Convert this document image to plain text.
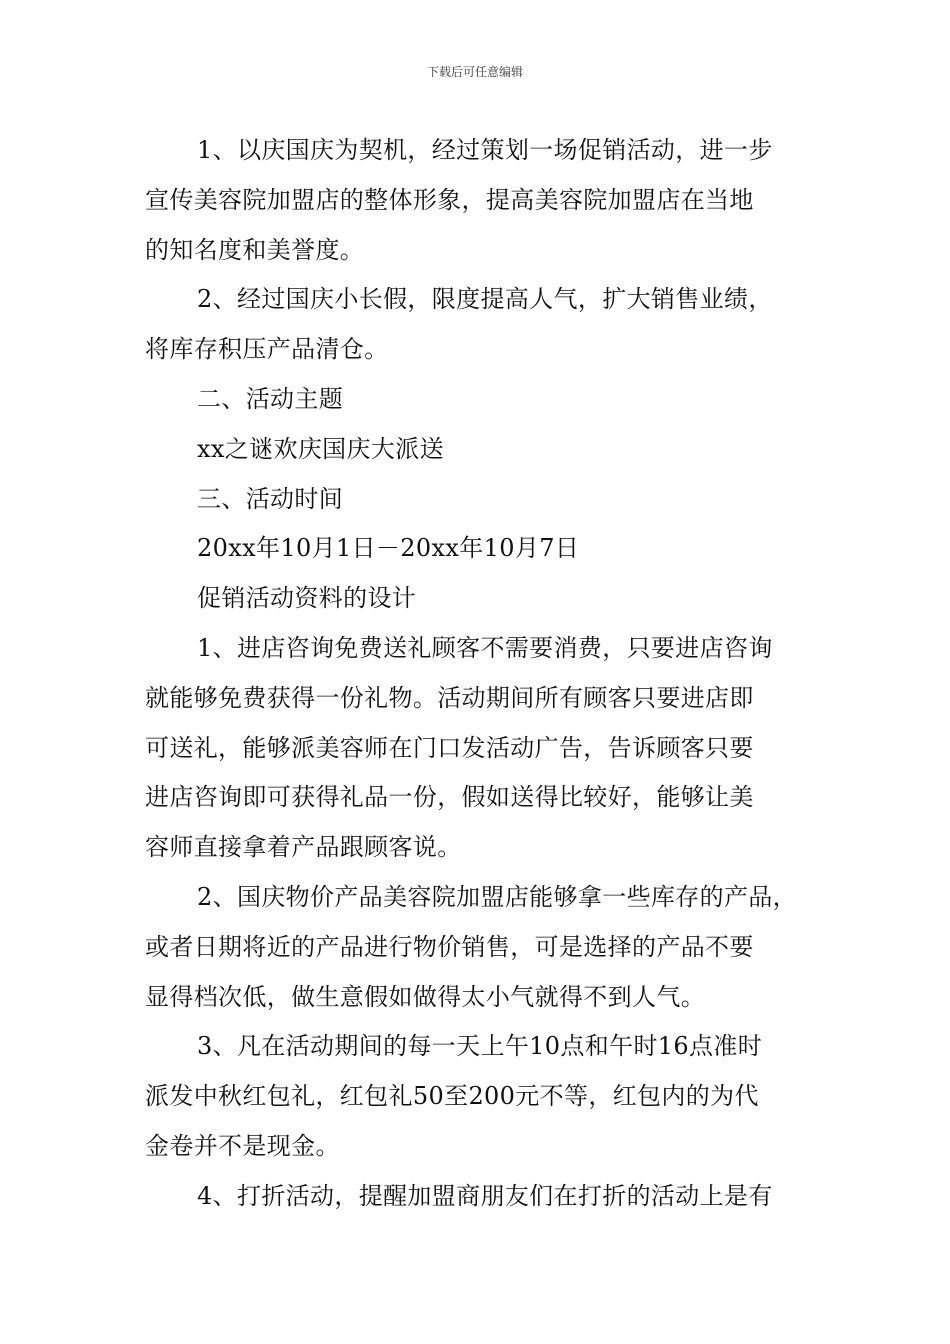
下载后可任意编辑

1、以庆国庆为契机，经过策划一场促销活动，进一步

宣传美容院加盟店的整体形象，提高美容院加盟店在当地

的知名度和美誉度。

2、经过国庆小长假，限度提高人气，扩大销售业绩，

将库存积压产品清仓。

二、活动主题

xx之谜欢庆国庆大派送

三、活动时间

20xx年10月1日－20xx年10月7日

促销活动资料的设计

1、进店咨询免费送礼顾客不需要消费，只要进店咨询

就能够免费获得一份礼物。活动期间所有顾客只要进店即

可送礼，能够派美容师在门口发活动广告，告诉顾客只要

进店咨询即可获得礼品一份，假如送得比较好，能够让美

容师直接拿着产品跟顾客说。

2、国庆物价产品美容院加盟店能够拿一些库存的产品，

或者日期将近的产品进行物价销售，可是选择的产品不要

显得档次低，做生意假如做得太小气就得不到人气。

3、凡在活动期间的每一天上午10点和午时16点准时

派发中秋红包礼，红包礼50至200元不等，红包内的为代

金卷并不是现金。

4、打折活动，提醒加盟商朋友们在打折的活动上是有
